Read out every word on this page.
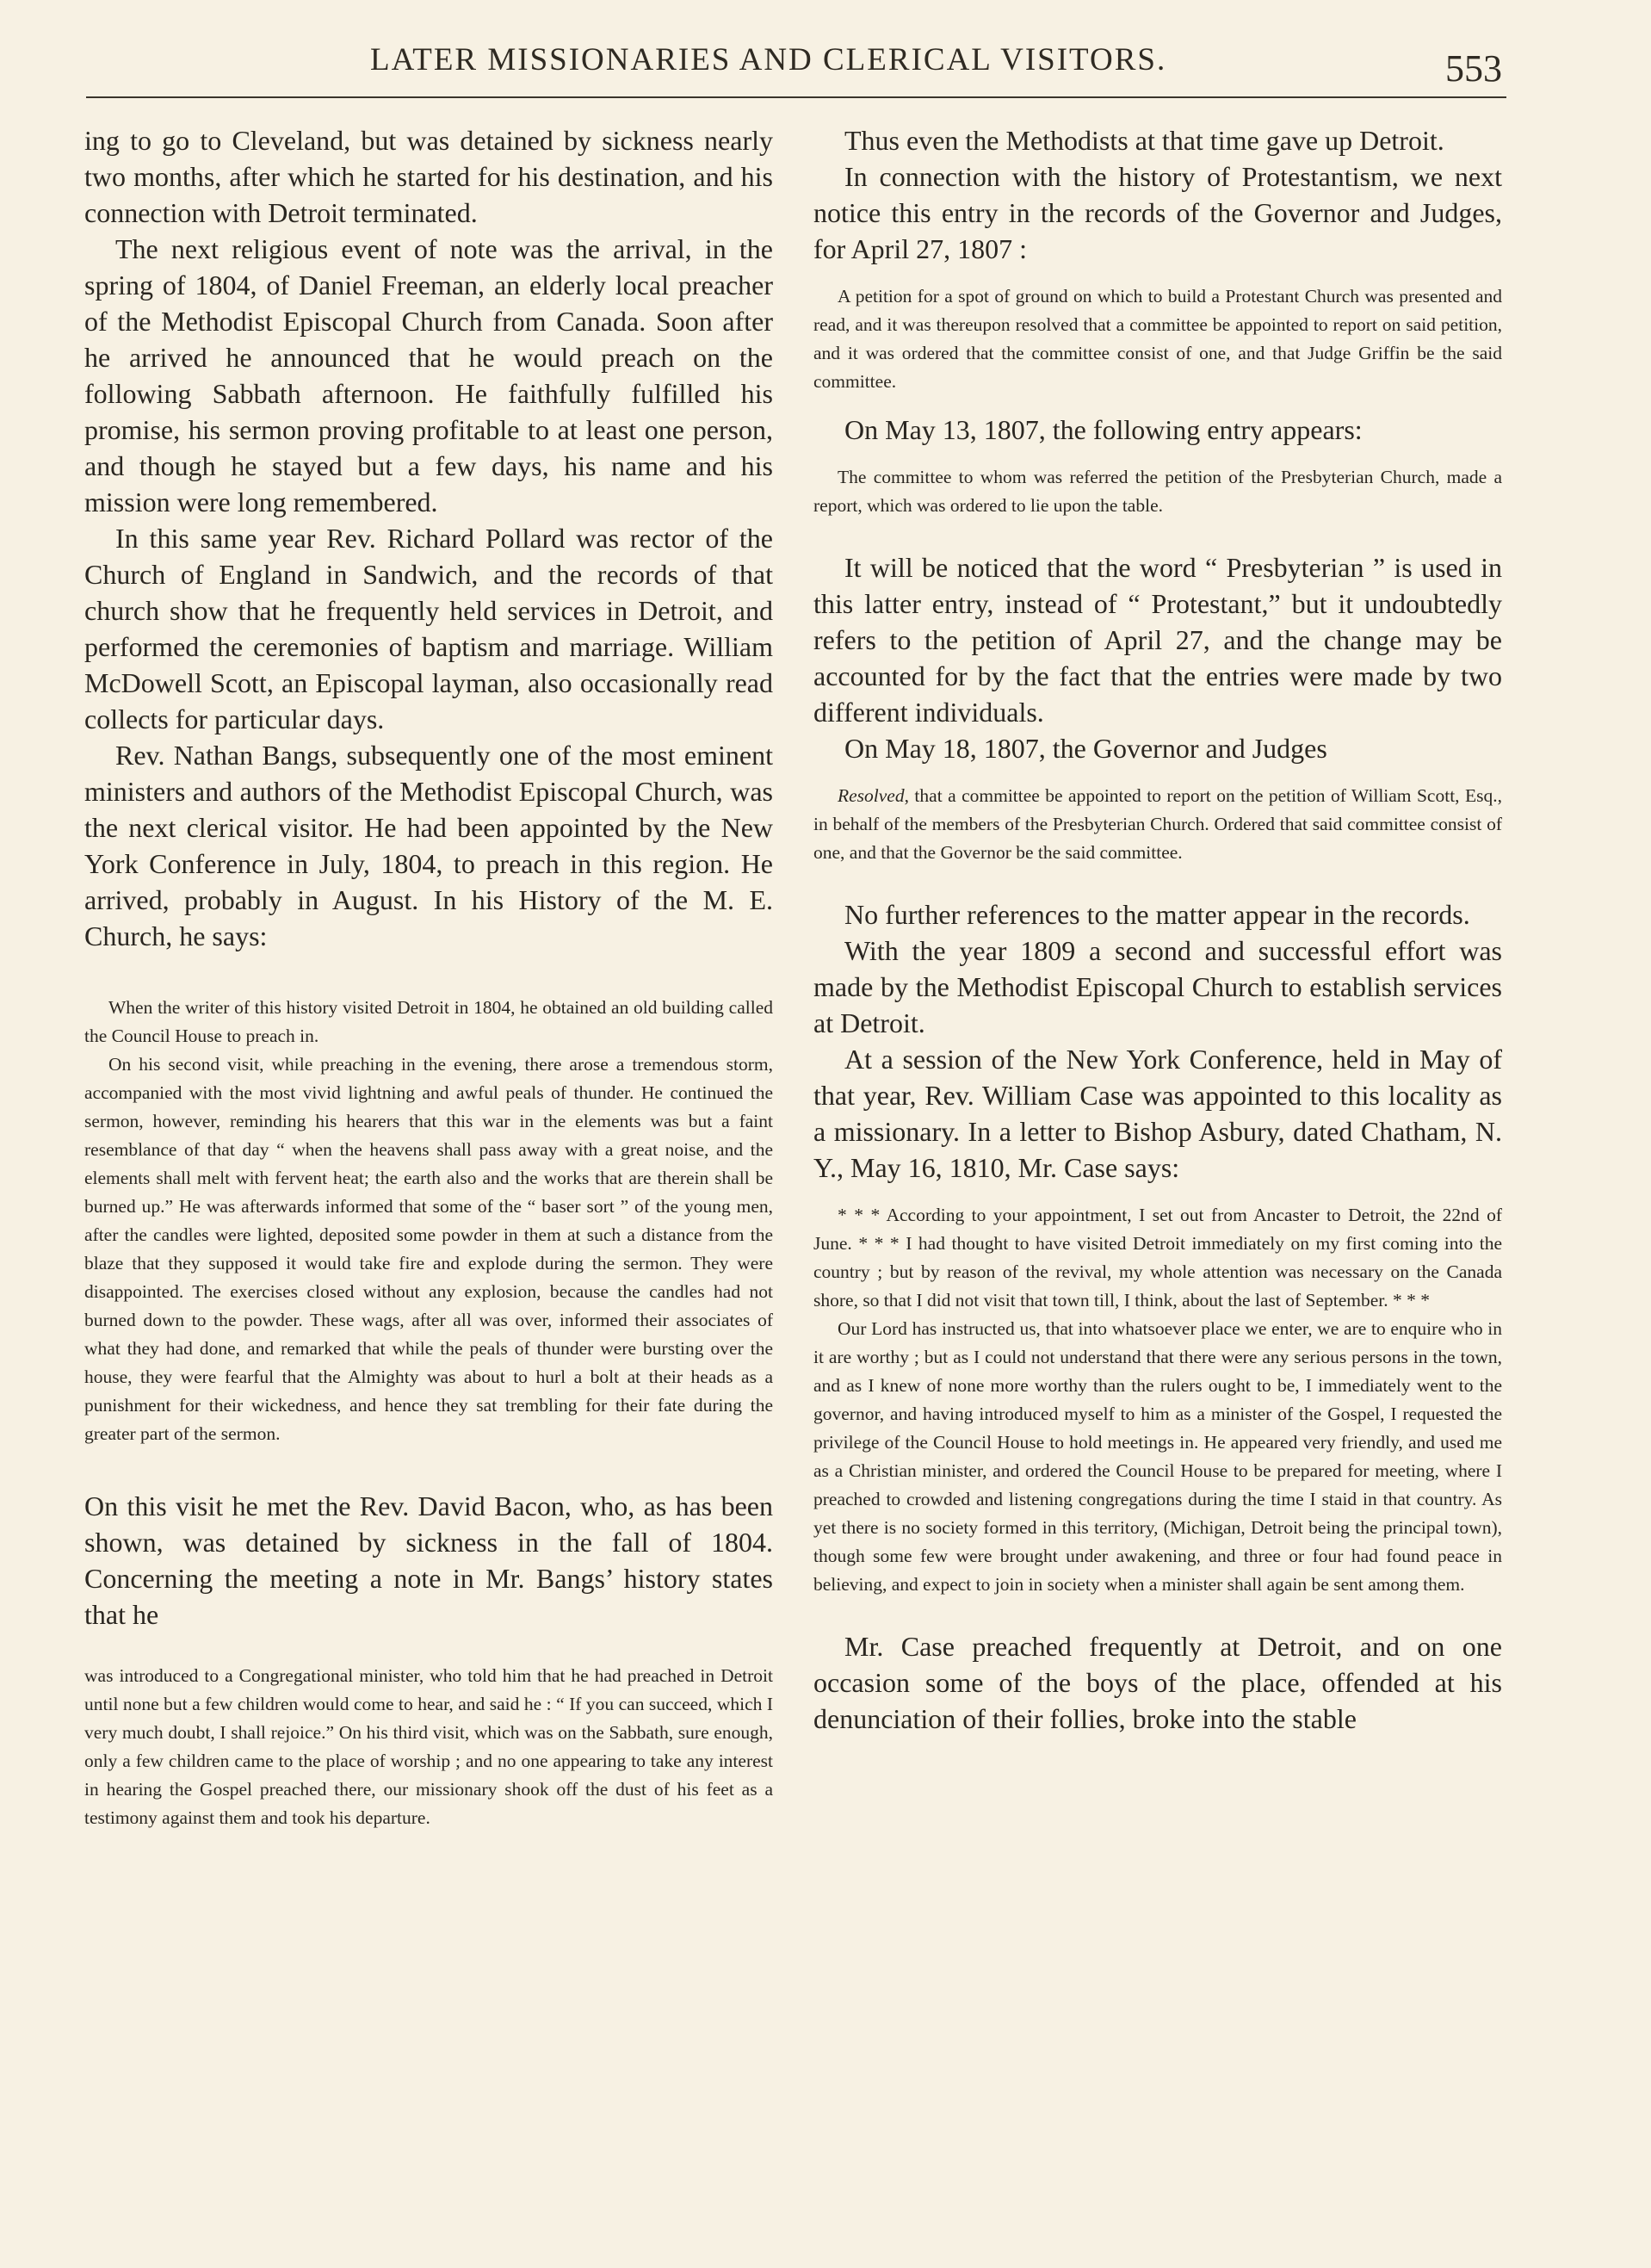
LATER MISSIONARIES AND CLERICAL VISITORS.	553

ing to go to Cleveland, but was detained by sickness nearly two months, after which he started for his destination, and his connection with Detroit terminated.

The next religious event of note was the arrival, in the spring of 1804, of Daniel Freeman, an elderly local preacher of the Methodist Episcopal Church from Canada. Soon after he arrived he announced that he would preach on the following Sabbath afternoon. He faithfully fulfilled his promise, his sermon proving profitable to at least one person, and though he stayed but a few days, his name and his mission were long remembered.

In this same year Rev. Richard Pollard was rector of the Church of England in Sandwich, and the records of that church show that he frequently held services in Detroit, and performed the ceremonies of baptism and marriage. William McDowell Scott, an Episcopal layman, also occasionally read collects for particular days.

Rev. Nathan Bangs, subsequently one of the most eminent ministers and authors of the Methodist Episcopal Church, was the next clerical visitor. He had been appointed by the New York Conference in July, 1804, to preach in this region. He arrived, probably in August. In his History of the M. E. Church, he says:

When the writer of this history visited Detroit in 1804, he obtained an old building called the Council House to preach in.

On his second visit, while preaching in the evening, there arose a tremendous storm, accompanied with the most vivid lightning and awful peals of thunder. He continued the sermon, however, reminding his hearers that this war in the elements was but a faint resemblance of that day “ when the heavens shall pass away with a great noise, and the elements shall melt with fervent heat; the earth also and the works that are therein shall be burned up.” He was afterwards informed that some of the “ baser sort ” of the young men, after the candles were lighted, deposited some powder in them at such a distance from the blaze that they supposed it would take fire and explode during the sermon. They were disappointed. The exercises closed without any explosion, because the candles had not burned down to the powder. These wags, after all was over, informed their associates of what they had done, and remarked that while the peals of thunder were bursting over the house, they were fearful that the Almighty was about to hurl a bolt at their heads as a punishment for their wickedness, and hence they sat trembling for their fate during the greater part of the sermon.

On this visit he met the Rev. David Bacon, who, as has been shown, was detained by sickness in the fall of 1804. Concerning the meeting a note in Mr. Bangs’ history states that he

was introduced to a Congregational minister, who told him that he had preached in Detroit until none but a few children would come to hear, and said he : “ If you can succeed, which I very much doubt, I shall rejoice.” On his third visit, which was on the Sabbath, sure enough, only a few children came to the place of worship ; and no one appearing to take any interest in hearing the Gospel preached there, our missionary shook off the dust of his feet as a testimony against them and took his departure.

Thus even the Methodists at that time gave up Detroit.

In connection with the history of Protestantism, we next notice this entry in the records of the Governor and Judges, for April 27, 1807 :

A petition for a spot of ground on which to build a Protestant Church was presented and read, and it was thereupon resolved that a committee be appointed to report on said petition, and it was ordered that the committee consist of one, and that Judge Griffin be the said committee.

On May 13, 1807, the following entry appears:

The committee to whom was referred the petition of the Presbyterian Church, made a report, which was ordered to lie upon the table.

It will be noticed that the word “ Presbyterian ” is used in this latter entry, instead of “ Protestant,” but it undoubtedly refers to the petition of April 27, and the change may be accounted for by the fact that the entries were made by two different individuals.

On May 18, 1807, the Governor and Judges

Resolved, that a committee be appointed to report on the petition of William Scott, Esq., in behalf of the members of the Presbyterian Church. Ordered that said committee consist of one, and that the Governor be the said committee.

No further references to the matter appear in the records.

With the year 1809 a second and successful effort was made by the Methodist Episcopal Church to establish services at Detroit.

At a session of the New York Conference, held in May of that year, Rev. William Case was appointed to this locality as a missionary. In a letter to Bishop Asbury, dated Chatham, N. Y., May 16, 1810, Mr. Case says:

* * * According to your appointment, I set out from Ancaster to Detroit, the 22nd of June. * * * I had thought to have visited Detroit immediately on my first coming into the country ; but by reason of the revival, my whole attention was necessary on the Canada shore, so that I did not visit that town till, I think, about the last of September. * * *

Our Lord has instructed us, that into whatsoever place we enter, we are to enquire who in it are worthy ; but as I could not understand that there were any serious persons in the town, and as I knew of none more worthy than the rulers ought to be, I immediately went to the governor, and having introduced myself to him as a minister of the Gospel, I requested the privilege of the Council House to hold meetings in. He appeared very friendly, and used me as a Christian minister, and ordered the Council House to be prepared for meeting, where I preached to crowded and listening congregations during the time I staid in that country. As yet there is no society formed in this territory, (Michigan, Detroit being the principal town), though some few were brought under awakening, and three or four had found peace in believing, and expect to join in society when a minister shall again be sent among them.

Mr. Case preached frequently at Detroit, and on one occasion some of the boys of the place, offended at his denunciation of their follies, broke into the stable
